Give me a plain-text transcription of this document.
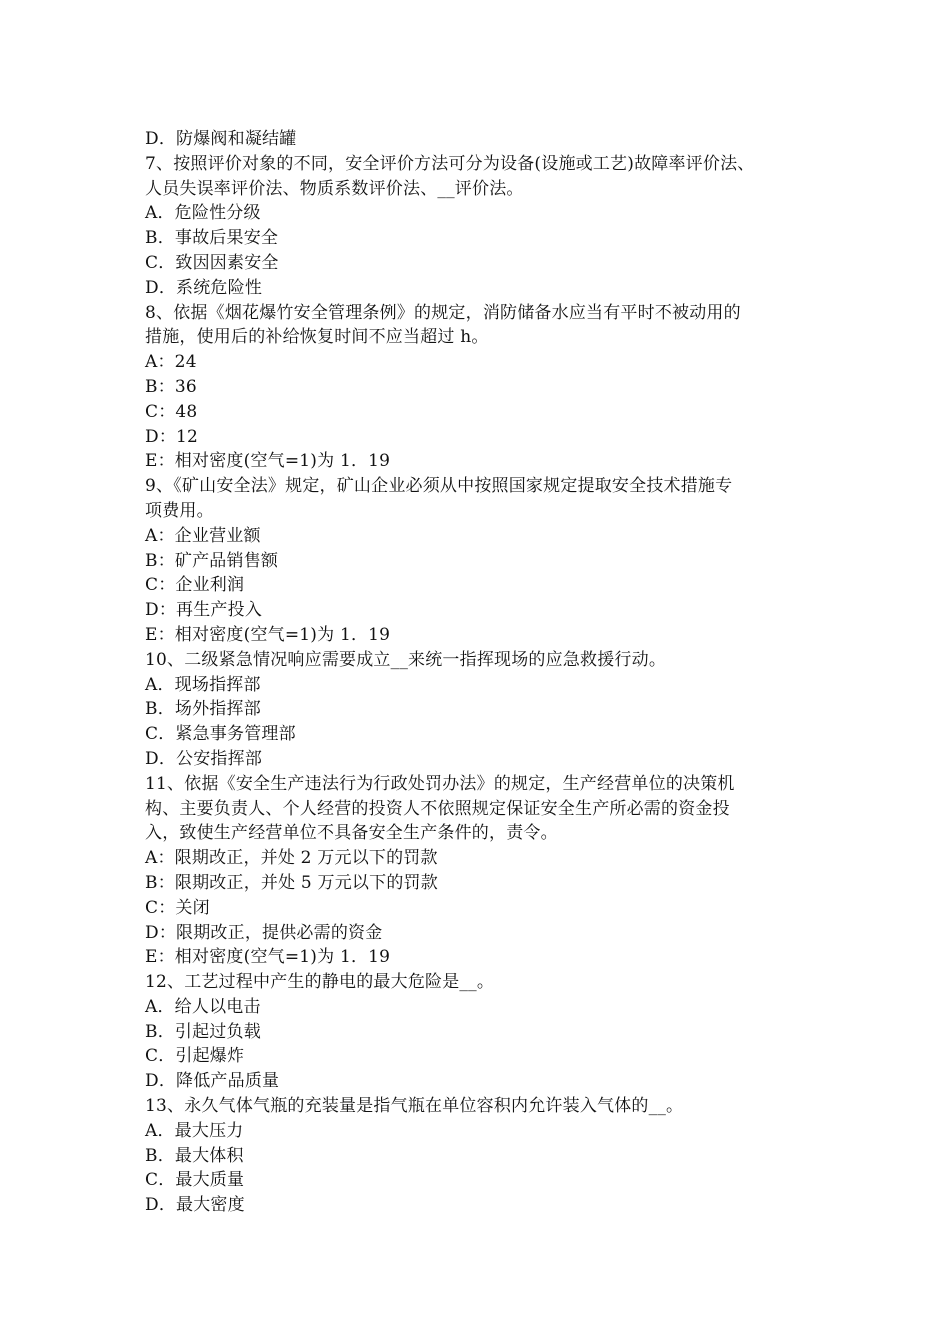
D．防爆阀和凝结罐
7、按照评价对象的不同，安全评价方法可分为设备(设施或工艺)故障率评价法、
人员失误率评价法、物质系数评价法、__评价法。
A．危险性分级
B．事故后果安全
C．致因因素安全
D．系统危险性
8、依据《烟花爆竹安全管理条例》的规定，消防储备水应当有平时不被动用的
措施，使用后的补给恢复时间不应当超过 h。
A：24
B：36
C：48
D：12
E：相对密度(空气=1)为 1．19
9、《矿山安全法》规定，矿山企业必须从中按照国家规定提取安全技术措施专
项费用。
A：企业营业额
B：矿产品销售额
C：企业利润
D：再生产投入
E：相对密度(空气=1)为 1．19
10、二级紧急情况响应需要成立__来统一指挥现场的应急救援行动。
A．现场指挥部
B．场外指挥部
C．紧急事务管理部
D．公安指挥部
11、依据《安全生产违法行为行政处罚办法》的规定，生产经营单位的决策机
构、主要负责人、个人经营的投资人不依照规定保证安全生产所必需的资金投
入，致使生产经营单位不具备安全生产条件的，责令。
A：限期改正，并处 2 万元以下的罚款
B：限期改正，并处 5 万元以下的罚款
C：关闭
D：限期改正，提供必需的资金
E：相对密度(空气=1)为 1．19
12、工艺过程中产生的静电的最大危险是__。
A．给人以电击
B．引起过负载
C．引起爆炸
D．降低产品质量
13、永久气体气瓶的充装量是指气瓶在单位容积内允许装入气体的__。
A．最大压力
B．最大体积
C．最大质量
D．最大密度
